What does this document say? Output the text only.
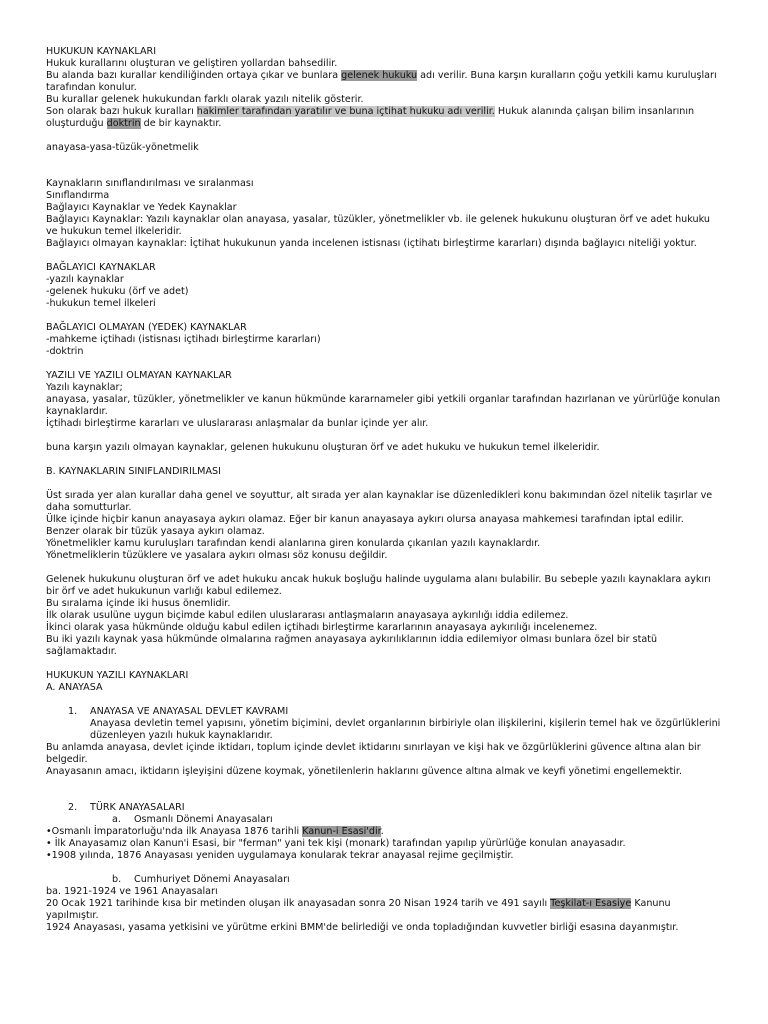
HUKUKUN KAYNAKLARI
Hukuk kurallarını oluşturan ve geliştiren yollardan bahsedilir.
Bu alanda bazı kurallar kendiliğinden ortaya çıkar ve bunlara gelenek hukuku adı verilir. Buna karşın kuralların çoğu yetkili kamu kuruluşları tarafından konulur.
Bu kurallar gelenek hukukundan farklı olarak yazılı nitelik gösterir.
Son olarak bazı hukuk kuralları hakimler tarafından yaratılır ve buna içtihat hukuku adı verilir. Hukuk alanında çalışan bilim insanlarının oluşturduğu doktrin de bir kaynaktır.
anayasa-yasa-tüzük-yönetmelik
Kaynakların sınıflandırılması ve sıralanması
Sınıflandırma
Bağlayıcı Kaynaklar ve Yedek Kaynaklar
Bağlayıcı Kaynaklar: Yazılı kaynaklar olan anayasa, yasalar, tüzükler, yönetmelikler vb. ile gelenek hukukunu oluşturan örf ve adet hukuku ve hukukun temel ilkeleridir.
Bağlayıcı olmayan kaynaklar: İçtihat hukukunun yanda incelenen istisnası (içtihatı birleştirme kararları) dışında bağlayıcı niteliği yoktur.
BAĞLAYICI KAYNAKLAR
-yazılı kaynaklar
-gelenek hukuku (örf ve adet)
-hukukun temel ilkeleri
BAĞLAYICI OLMAYAN (YEDEK) KAYNAKLAR
-mahkeme içtihadı (istisnası içtihadı birleştirme kararları)
-doktrin
YAZILI VE YAZILI OLMAYAN KAYNAKLAR
Yazılı kaynaklar;
anayasa, yasalar, tüzükler, yönetmelikler ve kanun hükmünde kararnameler gibi yetkili organlar tarafından hazırlanan ve yürürlüğe konulan kaynaklardır.
İçtihadı birleştirme kararları ve uluslararası anlaşmalar da bunlar içinde yer alır.
buna karşın yazılı olmayan kaynaklar, gelenen hukukunu oluşturan örf ve adet hukuku ve hukukun temel ilkeleridir.
B. KAYNAKLARIN SINIFLANDIRILMASI
Üst sırada yer alan kurallar daha genel ve soyuttur, alt sırada yer alan kaynaklar ise düzenledikleri konu bakımından özel nitelik taşırlar ve daha somutturlar.
Ülke içinde hiçbir kanun anayasaya aykırı olamaz. Eğer bir kanun anayasaya aykırı olursa anayasa mahkemesi tarafından iptal edilir.
Benzer olarak bir tüzük yasaya aykırı olamaz.
Yönetmelikler kamu kuruluşları tarafından kendi alanlarına giren konularda çıkarılan yazılı kaynaklardır.
Yönetmeliklerin tüzüklere ve yasalara aykırı olması söz konusu değildir.
Gelenek hukukunu oluşturan örf ve adet hukuku ancak hukuk boşluğu halinde uygulama alanı bulabilir. Bu sebeple yazılı kaynaklara aykırı bir örf ve adet hukukunun varlığı kabul edilemez.
Bu sıralama içinde iki husus önemlidir.
İlk olarak usulüne uygun biçimde kabul edilen uluslararası antlaşmaların anayasaya aykırılığı iddia edilemez.
İkinci olarak yasa hükmünde olduğu kabul edilen içtihadı birleştirme kararlarının anayasaya aykırılığı incelenemez.
Bu iki yazılı kaynak yasa hükmünde olmalarına rağmen anayasaya aykırılıklarının iddia edilemiyor olması bunlara özel bir statü sağlamaktadır.
HUKUKUN YAZILI KAYNAKLARI
A. ANAYASA
1. ANAYASA VE ANAYASAL DEVLET KAVRAMI
Anayasa devletin temel yapısını, yönetim biçimini, devlet organlarının birbiriyle olan ilişkilerini, kişilerin temel hak ve özgürlüklerini düzenleyen yazılı hukuk kaynaklarıdır.
Bu anlamda anayasa, devlet içinde iktidarı, toplum içinde devlet iktidarını sınırlayan ve kişi hak ve özgürlüklerini güvence altına alan bir belgedir.
Anayasanın amacı, iktidarın işleyişini düzene koymak, yönetilenlerin haklarını güvence altına almak ve keyfi yönetimi engellemektir.
2. TÜRK ANAYASALARI
a. Osmanlı Dönemi Anayasaları
•Osmanlı İmparatorluğu'nda ilk Anayasa 1876 tarihli Kanun-i Esasi'dir.
• İlk Anayasamız olan Kanun'i Esasi, bir "ferman" yani tek kişi (monark) tarafından yapılıp yürürlüğe konulan anayasadır.
•1908 yılında, 1876 Anayasası yeniden uygulamaya konularak tekrar anayasal rejime geçilmiştir.
b. Cumhuriyet Dönemi Anayasaları
ba. 1921-1924 ve 1961 Anayasaları
20 Ocak 1921 tarihinde kısa bir metinden oluşan ilk anayasadan sonra 20 Nisan 1924 tarih ve 491 sayılı Teşkilat-ı Esasiye Kanunu yapılmıştır.
1924 Anayasası, yasama yetkisini ve yürütme erkini BMM'de belirlediği ve onda topladığından kuvvetler birliği esasına dayanmıştır.
